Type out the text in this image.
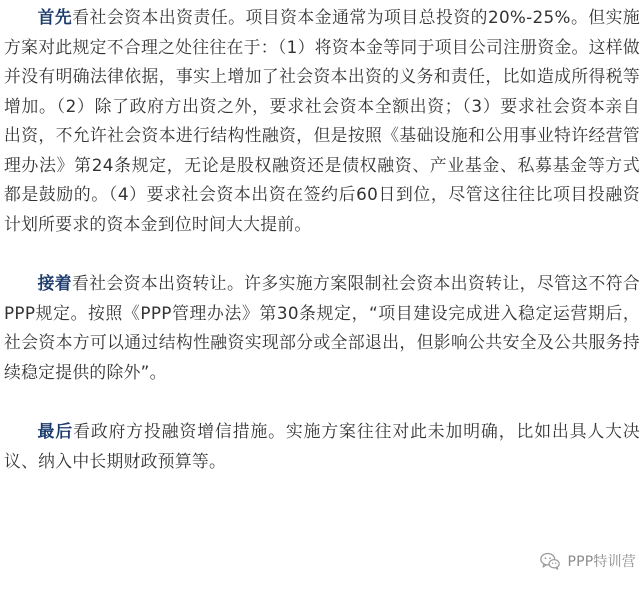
首先看社会资本出资责任。项目资本金通常为项目总投资的20%-25%。但实施方案对此规定不合理之处往往在于：（1）将资本金等同于项目公司注册资金。这样做并没有明确法律依据，事实上增加了社会资本出资的义务和责任，比如造成所得税等增加。（2）除了政府方出资之外，要求社会资本全额出资；（3）要求社会资本亲自出资，不允许社会资本进行结构性融资，但是按照《基础设施和公用事业特许经营管理办法》第24条规定，无论是股权融资还是债权融资、产业基金、私募基金等方式都是鼓励的。（4）要求社会资本出资在签约后60日到位，尽管这往往比项目投融资计划所要求的资本金到位时间大大提前。

接着看社会资本出资转让。许多实施方案限制社会资本出资转让，尽管这不符合PPP规定。按照《PPP管理办法》第30条规定，“项目建设完成进入稳定运营期后，社会资本方可以通过结构性融资实现部分或全部退出，但影响公共安全及公共服务持续稳定提供的除外”。

最后看政府方投融资增信措施。实施方案往往对此未加明确，比如出具人大决议、纳入中长期财政预算等。

PPP特训营
